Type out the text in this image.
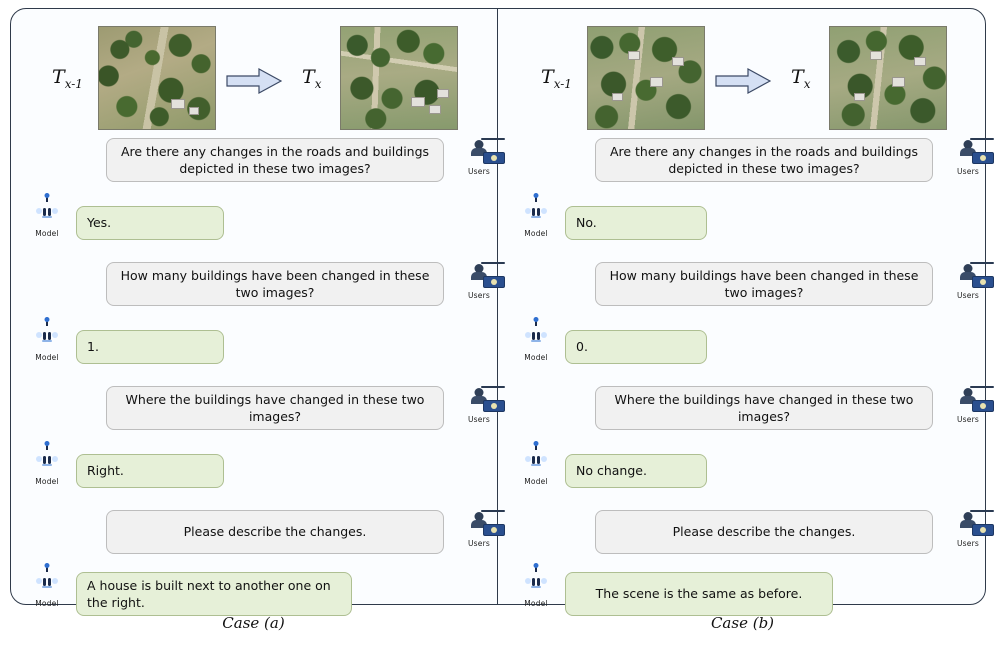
$T_{x-1}$	$T_x$
Are there any changes in the roads and buildings depicted in these two images?	Users
Yes.
Model
How many buildings have been changed in these two images?	Users
1.
Model
Where the buildings have changed in these two images?	Users
Right.
Model
Please describe the changes.
Users
A house is built next to another one on the right.
Model
$T_{x-1}$	$T_x$
Are there any changes in the roads and buildings depicted in these two images?	Users
No.
Model
How many buildings have been changed in these two images?	Users
0.
Model
Where the buildings have changed in these two images?	Users
No change.
Model
Please describe the changes.
Users
The scene is the same as before.
Model
Case (a)	Case (b)
